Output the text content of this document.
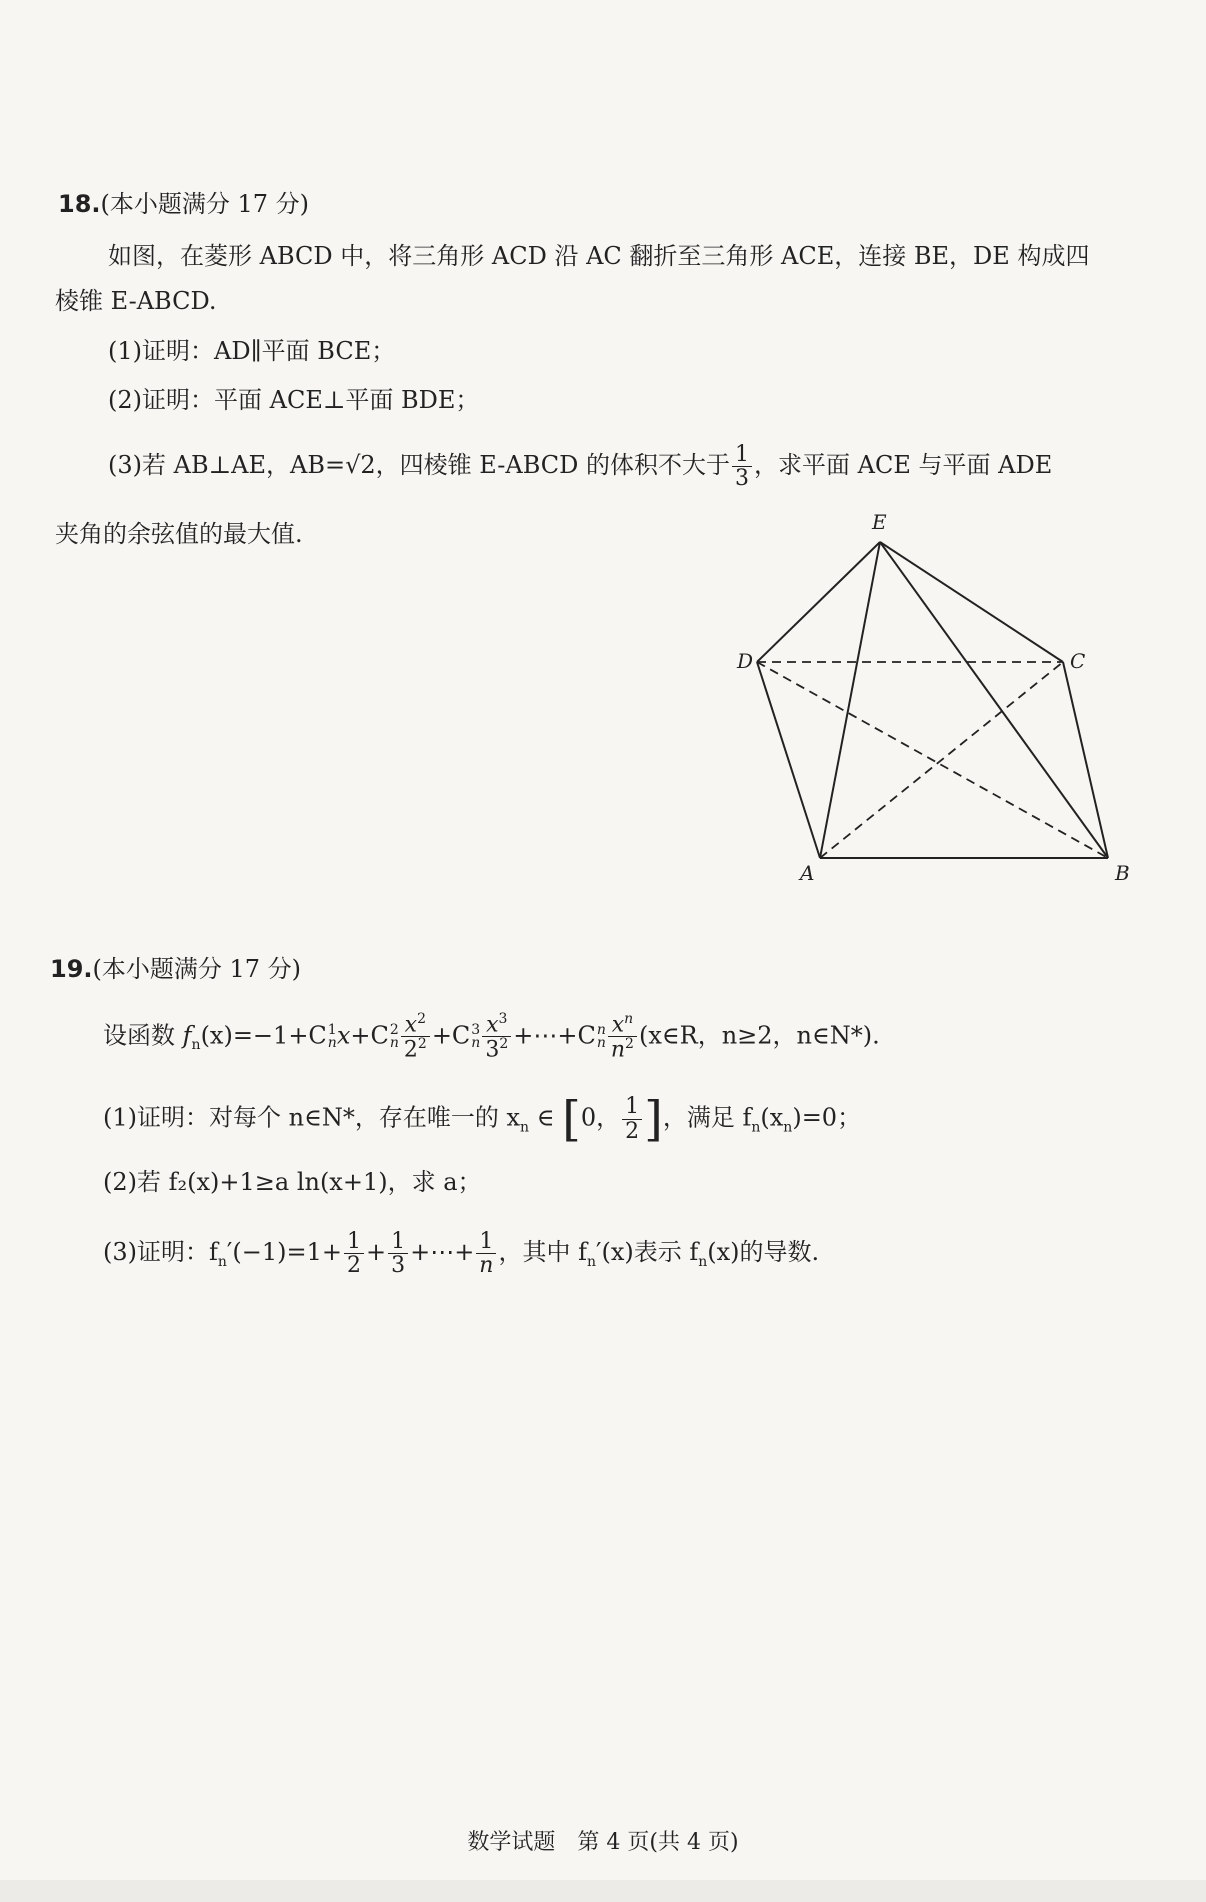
18.(本小题满分 17 分)
如图，在菱形 ABCD 中，将三角形 ACD 沿 AC 翻折至三角形 ACE，连接 BE，DE 构成四
棱锥 E-ABCD.
(1)证明：AD∥平面 BCE；
(2)证明：平面 ACE⊥平面 BDE；
(3)若 AB⊥AE，AB=√2，四棱锥 E-ABCD 的体积不大于 $\frac{1}{3}$ ，求平面 ACE 与平面 ADE
夹角的余弦值的最大值.	E
D	C
A	B
19.(本小题满分 17 分)
设函数 $f_n(x)=-1+C$ 1
n x+C 2
n $\frac{x^2}{2^2} +C$ 3
n $\frac{x^3}{3^2}$ +⋯+C n
n $\frac{x^n}{n^2}$ (x∈R，n≥2，n∈N*).
(1)证明：对每个 n∈N*，存在唯一的 $x_n$ ∈ [0， $\frac{1}{2}$ ]，满足 $f_n(x_n)=0$；
(2)若 f₂(x)+1≥a ln(x+1)，求 a；
(3)证明：$f_n'(-1)=1+ \frac{1}{2} + \frac{1}{3}$ +⋯+ $\frac{1}{n}$ ，其中 $f_n'(x)$表示 $f_n(x)$的导数.
数学试题　第 4 页(共 4 页)
